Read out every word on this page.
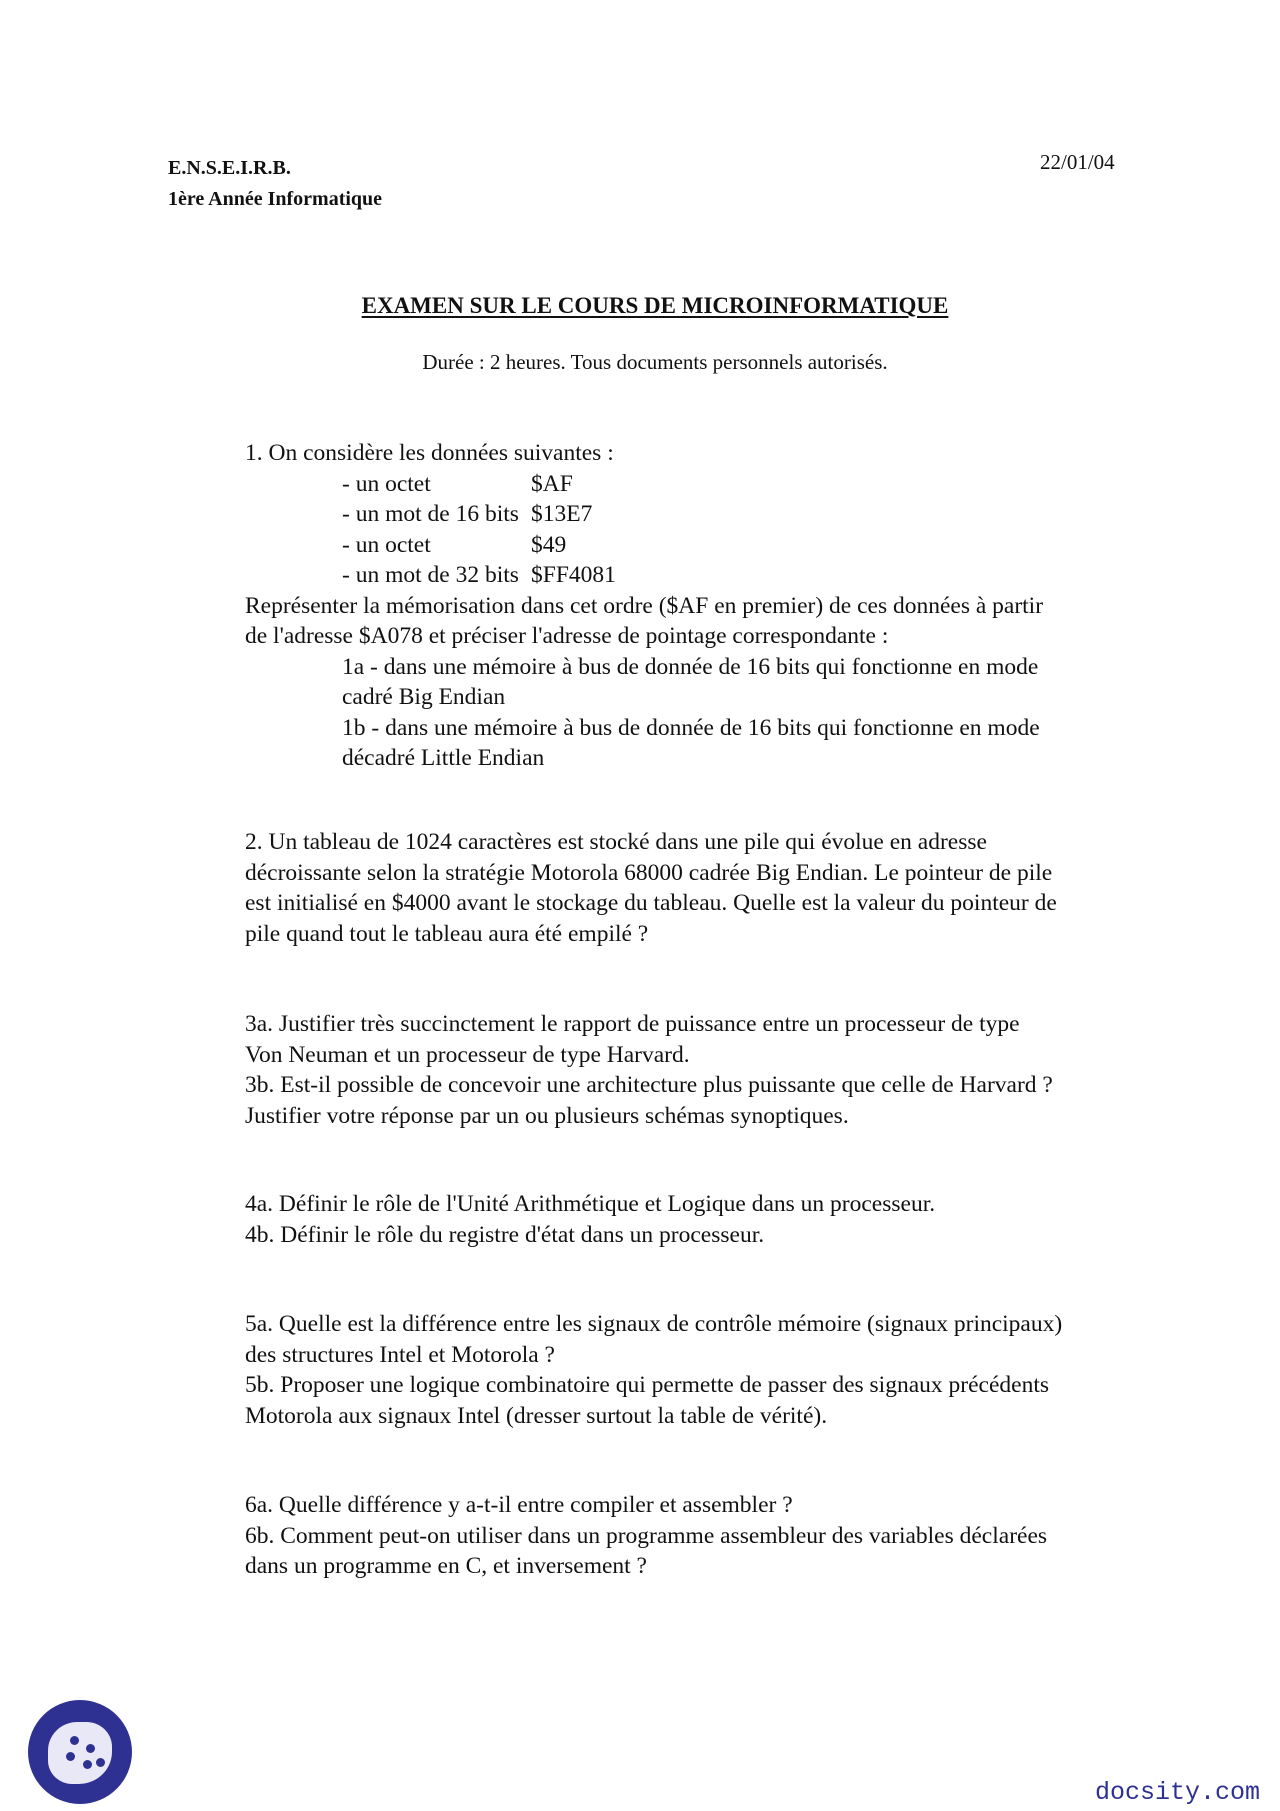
E.N.S.E.I.R.B.
1ère Année Informatique
22/01/04
EXAMEN SUR LE COURS DE MICROINFORMATIQUE
Durée : 2 heures. Tous documents personnels autorisés.
1. On considère les données suivantes :
- un octet	$AF
- un mot de 16 bits $13E7
- un octet	$49
- un mot de 32 bits $FF4081
Représenter la mémorisation dans cet ordre ($AF en premier) de ces données à partir
de l'adresse $A078 et préciser l'adresse de pointage correspondante :
1a - dans une mémoire à bus de donnée de 16 bits qui fonctionne en mode
cadré Big Endian
1b - dans une mémoire à bus de donnée de 16 bits qui fonctionne en mode
décadré Little Endian
2. Un tableau de 1024 caractères est stocké dans une pile qui évolue en adresse
décroissante selon la stratégie Motorola 68000 cadrée Big Endian. Le pointeur de pile
est initialisé en $4000 avant le stockage du tableau. Quelle est la valeur du pointeur de
pile quand tout le tableau aura été empilé ?
3a. Justifier très succinctement le rapport de puissance entre un processeur de type
Von Neuman et un processeur de type Harvard.
3b. Est-il possible de concevoir une architecture plus puissante que celle de Harvard ?
Justifier votre réponse par un ou plusieurs schémas synoptiques.
4a. Définir le rôle de l'Unité Arithmétique et Logique dans un processeur.
4b. Définir le rôle du registre d'état dans un processeur.
5a. Quelle est la différence entre les signaux de contrôle mémoire (signaux principaux)
des structures Intel et Motorola ?
5b. Proposer une logique combinatoire qui permette de passer des signaux précédents
Motorola aux signaux Intel (dresser surtout la table de vérité).
6a. Quelle différence y a-t-il entre compiler et assembler ?
6b. Comment peut-on utiliser dans un programme assembleur des variables déclarées
dans un programme en C, et inversement ?
docsity.com
